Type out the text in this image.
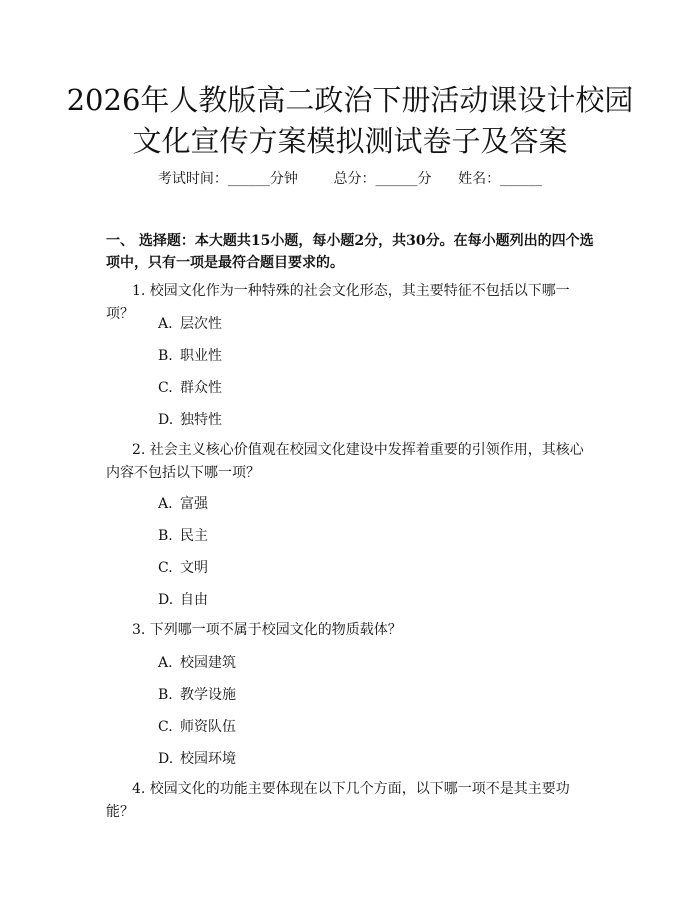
2026年人教版高二政治下册活动课设计校园
文化宣传方案模拟测试卷子及答案
考试时间：______分钟	总分：______分 姓名：______

一、 选择题：本大题共15小题，每小题2分，共30分。在每小题列出的四个选项中，只有一项是最符合题目要求的。

1. 校园文化作为一种特殊的社会文化形态，其主要特征不包括以下哪一项？

A. 层次性

B. 职业性

C. 群众性

D. 独特性

2. 社会主义核心价值观在校园文化建设中发挥着重要的引领作用，其核心内容不包括以下哪一项？

A. 富强

B. 民主

C. 文明

D. 自由

3. 下列哪一项不属于校园文化的物质载体？

A. 校园建筑

B. 教学设施

C. 师资队伍

D. 校园环境

4. 校园文化的功能主要体现在以下几个方面，以下哪一项不是其主要功能？
